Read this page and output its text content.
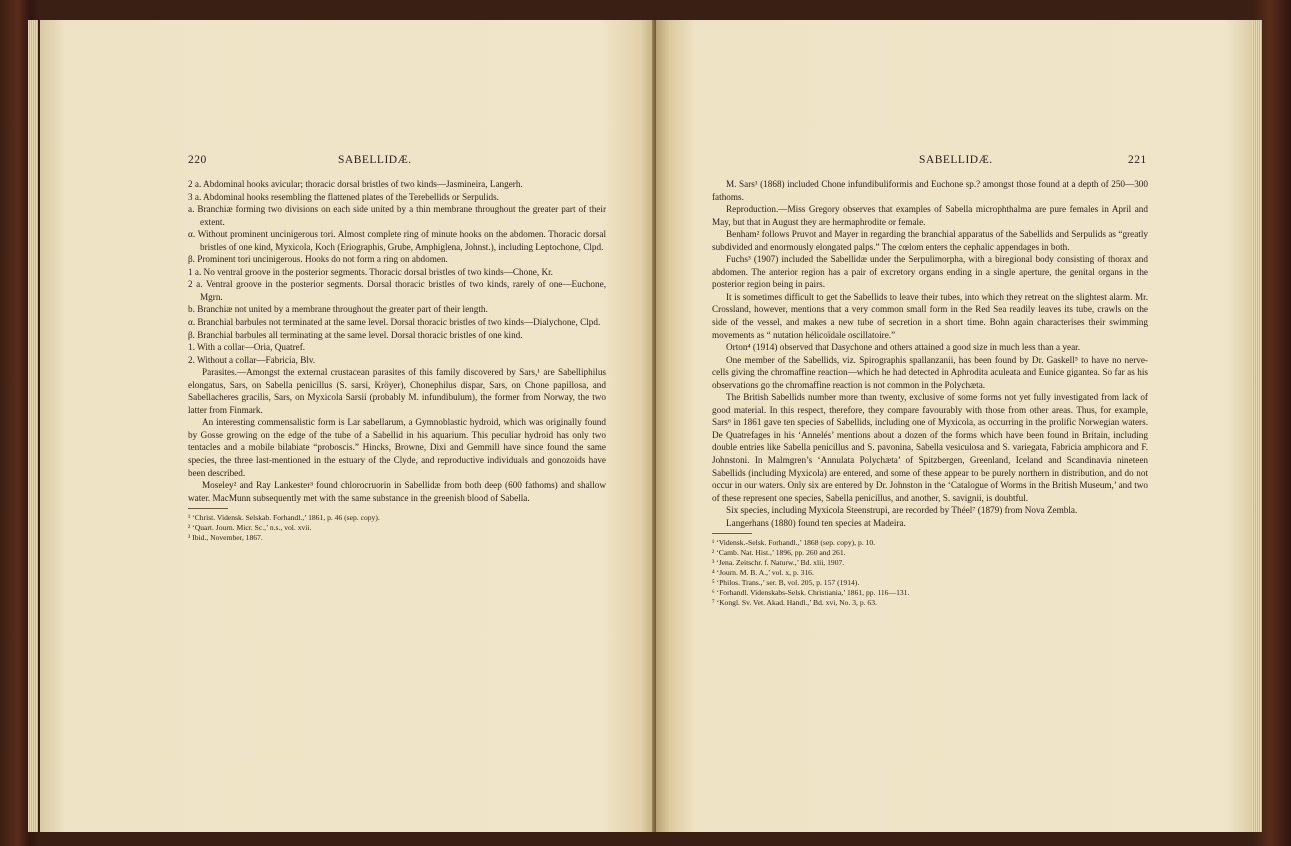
220	SABELLIDÆ.

2 a. Abdominal hooks avicular; thoracic dorsal bristles of two kinds—Jasmineira, Langerh.

3 a. Abdominal hooks resembling the flattened plates of the Terebellids or Serpulids.

a. Branchiæ forming two divisions on each side united by a thin membrane throughout the greater part of their extent.

α. Without prominent uncinigerous tori. Almost complete ring of minute hooks on the abdomen. Thoracic dorsal bristles of one kind, Myxicola, Koch (Eriographis, Grube, Amphiglena, Johnst.), including Leptochone, Clpd.

β. Prominent tori uncinigerous. Hooks do not form a ring on abdomen.

1 a. No ventral groove in the posterior segments. Thoracic dorsal bristles of two kinds—Chone, Kr.

2 a. Ventral groove in the posterior segments. Dorsal thoracic bristles of two kinds, rarely of one—Euchone, Mgrn.

b. Branchiæ not united by a membrane throughout the greater part of their length.

α. Branchial barbules not terminated at the same level. Dorsal thoracic bristles of two kinds—Dialychone, Clpd.

β. Branchial barbules all terminating at the same level. Dorsal thoracic bristles of one kind.

1. With a collar—Oria, Quatref.

2. Without a collar—Fabricia, Blv.

Parasites.—Amongst the external crustacean parasites of this family discovered by Sars,¹ are Sabelliphilus elongatus, Sars, on Sabella penicillus (S. sarsi, Kröyer), Chonephilus dispar, Sars, on Chone papillosa, and Sabellacheres gracilis, Sars, on Myxicola Sarsii (probably M. infundibulum), the former from Norway, the two latter from Finmark.

An interesting commensalistic form is Lar sabellarum, a Gymnoblastic hydroid, which was originally found by Gosse growing on the edge of the tube of a Sabellid in his aquarium. This peculiar hydroid has only two tentacles and a mobile bilabiate “proboscis.” Hincks, Browne, Dixi and Gemmill have since found the same species, the three last-mentioned in the estuary of the Clyde, and reproductive individuals and gonozoids have been described.

Moseley² and Ray Lankester³ found chlorocruorin in Sabellidæ from both deep (600 fathoms) and shallow water. MacMunn subsequently met with the same substance in the greenish blood of Sabella.

¹ ‘Christ. Vidensk. Selskab. Forhandl.,’ 1861, p. 46 (sep. copy).

² ‘Quart. Journ. Micr. Sc.,’ n.s., vol. xvii.

³ Ibid., November, 1867.

SABELLIDÆ.	221

M. Sars¹ (1868) included Chone infundibuliformis and Euchone sp.? amongst those found at a depth of 250—300 fathoms.

Reproduction.—Miss Gregory observes that examples of Sabella microphthalma are pure females in April and May, but that in August they are hermaphrodite or female.

Benham² follows Pruvot and Mayer in regarding the branchial apparatus of the Sabellids and Serpulids as “greatly subdivided and enormously elongated palps.” The cœlom enters the cephalic appendages in both.

Fuchs³ (1907) included the Sabellidæ under the Serpulimorpha, with a biregional body consisting of thorax and abdomen. The anterior region has a pair of excretory organs ending in a single aperture, the genital organs in the posterior region being in pairs.

It is sometimes difficult to get the Sabellids to leave their tubes, into which they retreat on the slightest alarm. Mr. Crossland, however, mentions that a very common small form in the Red Sea readily leaves its tube, crawls on the side of the vessel, and makes a new tube of secretion in a short time. Bohn again characterises their swimming movements as “ nutation hélicoïdale oscillatoire.”

Orton⁴ (1914) observed that Dasychone and others attained a good size in much less than a year.

One member of the Sabellids, viz. Spirographis spallanzanii, has been found by Dr. Gaskell⁵ to have no nerve-cells giving the chromaffine reaction—which he had detected in Aphrodita aculeata and Eunice gigantea. So far as his observations go the chromaffine reaction is not common in the Polychæta.

The British Sabellids number more than twenty, exclusive of some forms not yet fully investigated from lack of good material. In this respect, therefore, they compare favourably with those from other areas. Thus, for example, Sars⁶ in 1861 gave ten species of Sabellids, including one of Myxicola, as occurring in the prolific Norwegian waters. De Quatrefages in his ‘Annelés’ mentions about a dozen of the forms which have been found in Britain, including double entries like Sabella penicillus and S. pavonina, Sabella vesiculosa and S. variegata, Fabricia amphicora and F. Johnstoni. In Malmgren’s ‘Annulata Polychæta’ of Spitzbergen, Greenland, Iceland and Scandinavia nineteen Sabellids (including Myxicola) are entered, and some of these appear to be purely northern in distribution, and do not occur in our waters. Only six are entered by Dr. Johnston in the ‘Catalogue of Worms in the British Museum,’ and two of these represent one species, Sabella penicillus, and another, S. savignii, is doubtful.

Six species, including Myxicola Steenstrupi, are recorded by Théel⁷ (1879) from Nova Zembla.

Langerhans (1880) found ten species at Madeira.

¹ ‘Vidensk.-Selsk. Forhandl.,’ 1868 (sep. copy), p. 10.

² ‘Camb. Nat. Hist.,’ 1896, pp. 260 and 261.

³ ‘Jena. Zeitschr. f. Naturw.,’ Bd. xlii, 1907.

⁴ ‘Journ. M. B. A.,’ vol. x, p. 316.

⁵ ‘Philos. Trans.,’ ser. B, vol. 205, p. 157 (1914).

⁶ ‘Forhandl. Videnskabs-Selsk. Christiania,’ 1861, pp. 116—131.

⁷ ‘Kongl. Sv. Vet. Akad. Handl.,’ Bd. xvi, No. 3, p. 63.
